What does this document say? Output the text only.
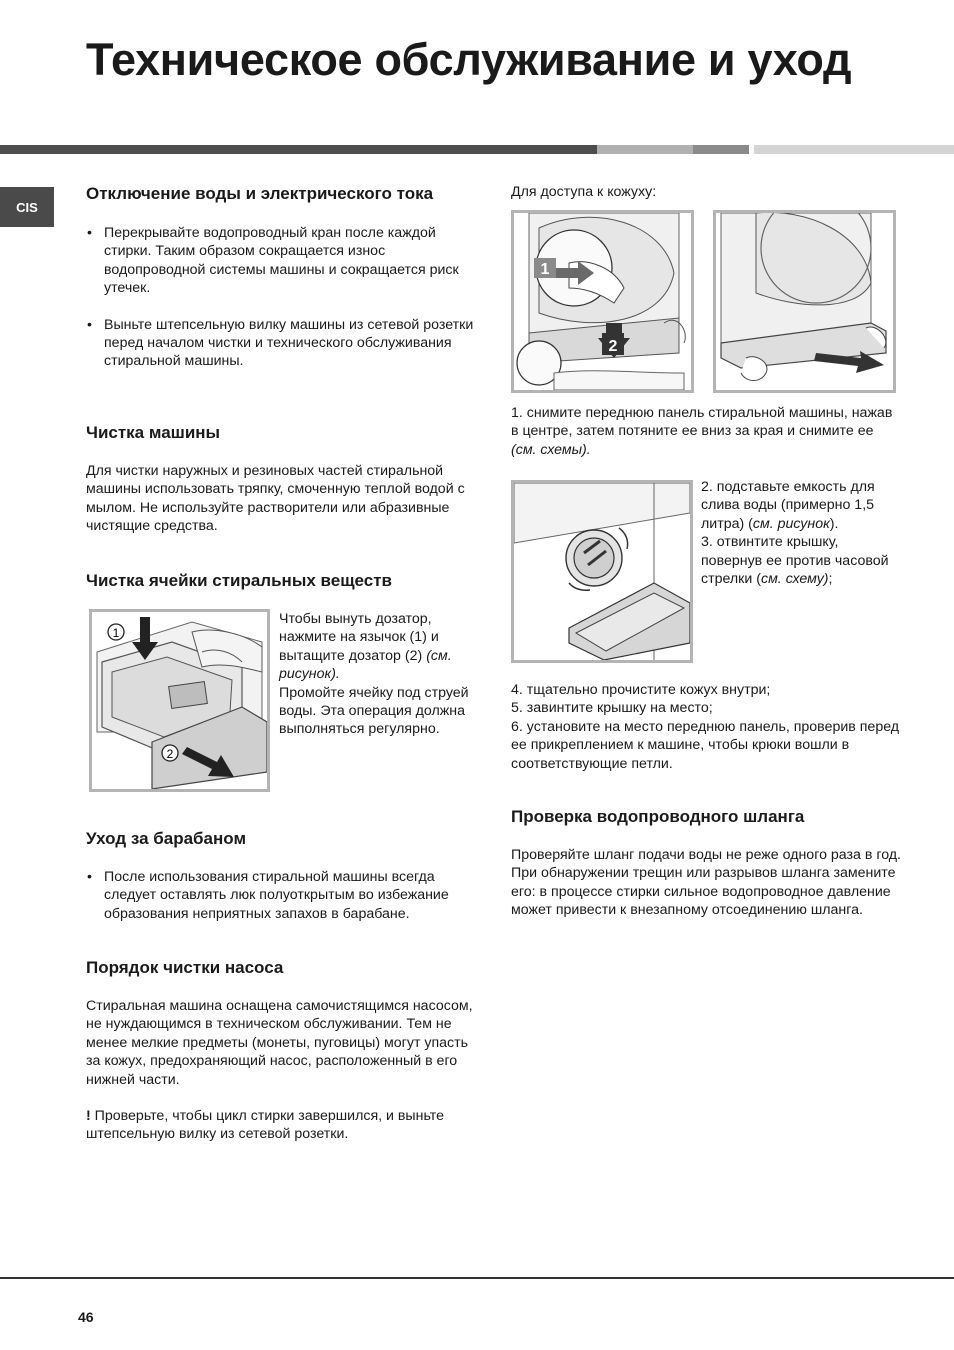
Техническое обслуживание и уход
CIS
Отключение воды и электрического тока

• Перекрывайте водопроводный кран после каждой стирки. Таким образом сокращается износ водопроводной системы машины и сокращается риск утечек.

• Выньте штепсельную вилку машины из сетевой розетки перед началом чистки и технического обслуживания стиральной машины.

Чистка машины

Для чистки наружных и резиновых частей стиральной машины использовать тряпку, смоченную теплой водой с мылом. Не используйте растворители или абразивные чистящие средства.

Чистка ячейки стиральных веществ
1
2

Чтобы вынуть дозатор, нажмите на язычок (1) и вытащите дозатор (2) (см. рисунок).

Промойте ячейку под струей воды. Эта операция должна выполняться регулярно.

Уход за барабаном

• После использования стиральной машины всегда следует оставлять люк полуоткрытым во избежание образования неприятных запахов в барабане.

Порядок чистки насоса

Стиральная машина оснащена самочистящимся насосом, не нуждающимся в техническом обслуживании. Тем не менее мелкие предметы (монеты, пуговицы) могут упасть за кожух, предохраняющий насос, расположенный в его нижней части.

! Проверьте, чтобы цикл стирки завершился, и выньте штепсельную вилку из сетевой розетки.

Для доступа к кожуху:

1
2

1. снимите переднюю панель стиральной машины, нажав в центре, затем потяните ее вниз за края и снимите ее (см. схемы).

2. подставьте емкость для слива воды (примерно 1,5 литра) (см. рисунок).

3. отвинтите крышку, повернув ее против часовой стрелки (см. схему);

4. тщательно прочистите кожух внутри;

5. завинтите крышку на место;

6. установите на место переднюю панель, проверив перед ее прикреплением к машине, чтобы крюки вошли в соответствующие петли.

Проверка водопроводного шланга

Проверяйте шланг подачи воды не реже одного раза в год. При обнаружении трещин или разрывов шланга замените его: в процессе стирки сильное водопроводное давление может привести к внезапному отсоединению шланга.

46
